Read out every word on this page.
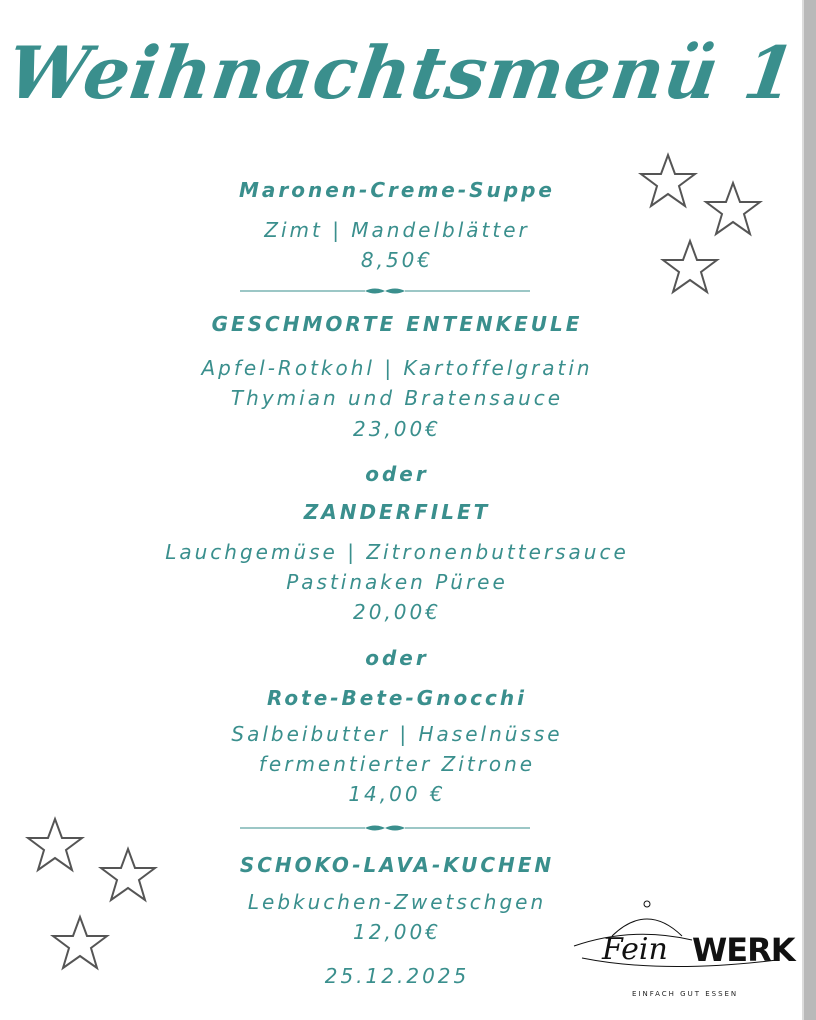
Weihnachtsmenü 1
Maronen-Creme-Suppe
Zimt | Mandelblätter
8,50€
GESCHMORTE ENTENKEULE
Apfel-Rotkohl | Kartoffelgratin
Thymian und Bratensauce
23,00€
oder
ZANDERFILET
Lauchgemüse | Zitronenbuttersauce
Pastinaken Püree
20,00€
oder
Rote-Bete-Gnocchi
Salbeibutter | Haselnüsse
fermentierter Zitrone
14,00 €
SCHOKO-LAVA-KUCHEN
Lebkuchen-Zwetschgen
12,00€
25.12.2025
Fein WERK
EINFACH GUT ESSEN
